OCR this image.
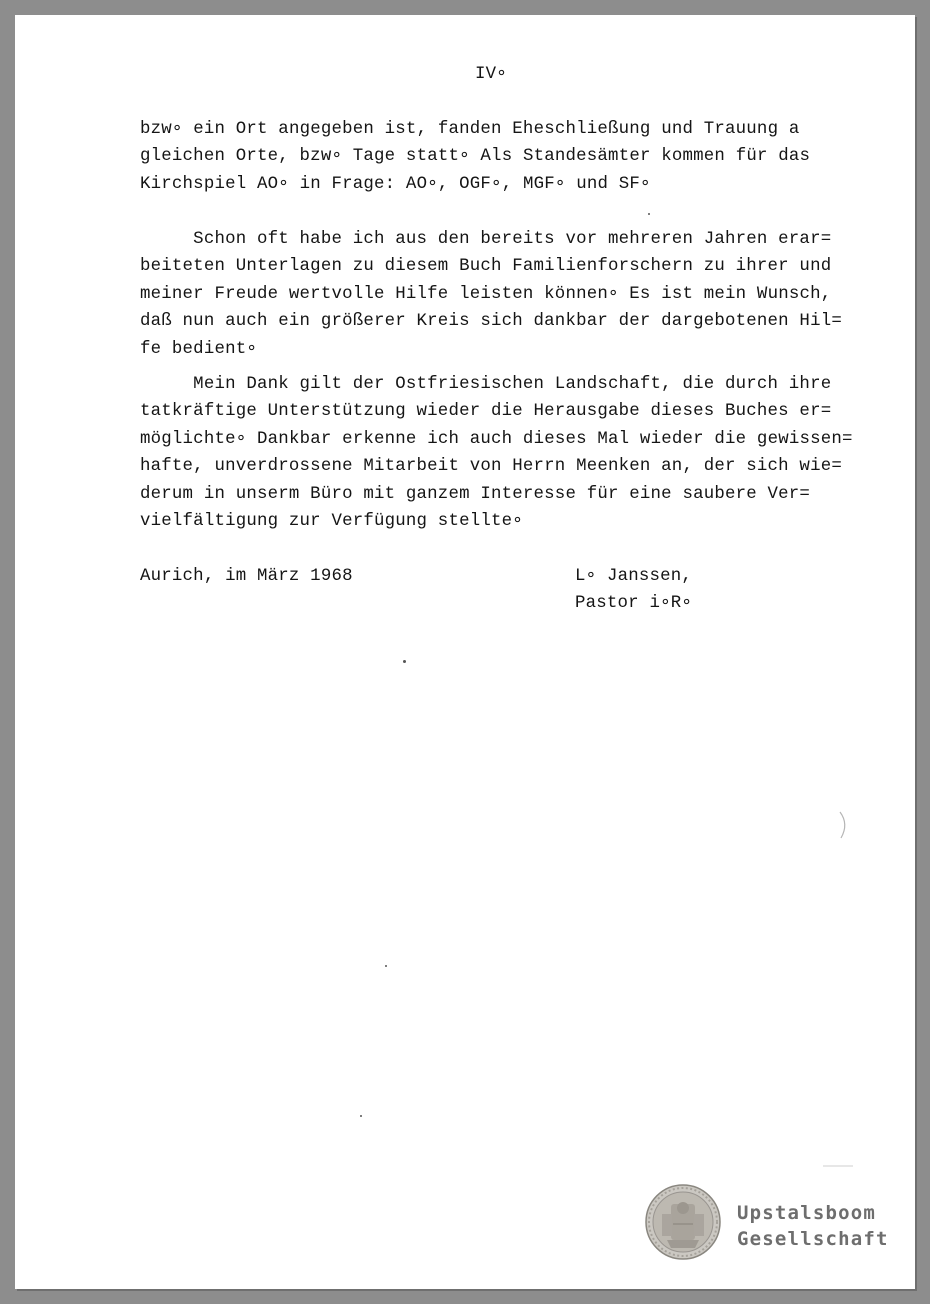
IV∘
bzw∘ ein Ort angegeben ist, fanden Eheschließung und Trauung a
gleichen Orte, bzw∘ Tage statt∘ Als Standesämter kommen für das
Kirchspiel AO∘ in Frage: AO∘, OGF∘, MGF∘ und SF∘
Schon oft habe ich aus den bereits vor mehreren Jahren erar=
beiteten Unterlagen zu diesem Buch Familienforschern zu ihrer und
meiner Freude wertvolle Hilfe leisten können∘ Es ist mein Wunsch,
daß nun auch ein größerer Kreis sich dankbar der dargebotenen Hil=
fe bedient∘
Mein Dank gilt der Ostfriesischen Landschaft, die durch ihre
tatkräftige Unterstützung wieder die Herausgabe dieses Buches er=
möglichte∘ Dankbar erkenne ich auch dieses Mal wieder die gewissen=
hafte, unverdrossene Mitarbeit von Herrn Meenken an, der sich wie=
derum in unserm Büro mit ganzem Interesse für eine saubere Ver=
vielfältigung zur Verfügung stellte∘
Aurich, im März 1968	L∘ Janssen,
Pastor i∘R∘
Upstalsboom
Gesellschaft
